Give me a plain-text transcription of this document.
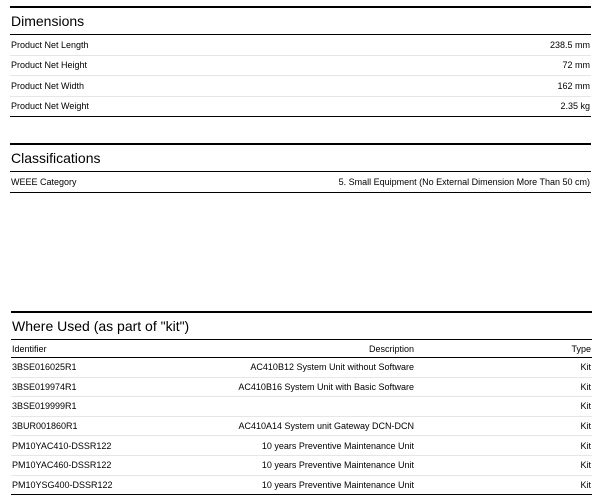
Dimensions
Product Net Length	238.5 mm
Product Net Height	72 mm
Product Net Width	162 mm
Product Net Weight	2.35 kg
Classifications
WEEE Category	5. Small Equipment (No External Dimension More Than 50 cm)
Where Used (as part of "kit")
Identifier	Description	Type
3BSE016025R1	AC410B12 System Unit without Software	Kit
3BSE019974R1	AC410B16 System Unit with Basic Software	Kit
3BSE019999R1		Kit
3BUR001860R1	AC410A14 System unit Gateway DCN-DCN	Kit
PM10YAC410-DSSR122	10 years Preventive Maintenance Unit	Kit
PM10YAC460-DSSR122	10 years Preventive Maintenance Unit	Kit
PM10YSG400-DSSR122	10 years Preventive Maintenance Unit	Kit
